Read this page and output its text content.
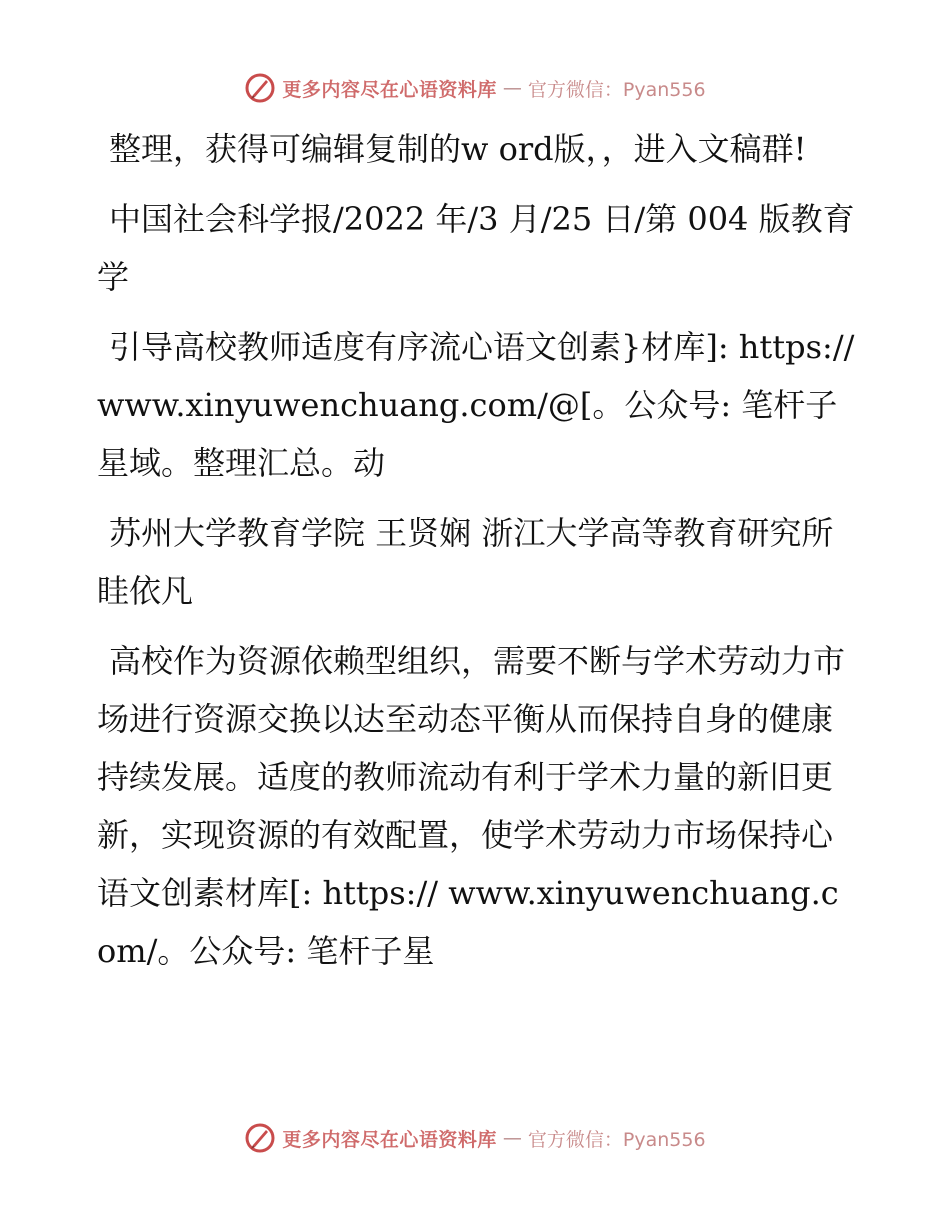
更多内容尽在心语资料库 — 官方微信：Pyan556

整理，获得可编辑复制的w ord版，，进入文稿群!

中国社会科学报/2022 年/3 月/25 日/第 004 版教育学

引导高校教师适度有序流心语文创素}材库]: https://www.xinyuwenchuang.com/@[。公众号: 笔杆子星域。整理汇总。动

苏州大学教育学院 王贤娴 浙江大学高等教育研究所 眭依凡

高校作为资源依赖型组织，需要不断与学术劳动力市场进行资源交换以达至动态平衡从而保持自身的健康持续发展。适度的教师流动有利于学术力量的新旧更新，实现资源的有效配置，使学术劳动力市场保持心语文创素材库[: https:// www.xinyuwenchuang.com/。公众号: 笔杆子星

更多内容尽在心语资料库 — 官方微信：Pyan556
